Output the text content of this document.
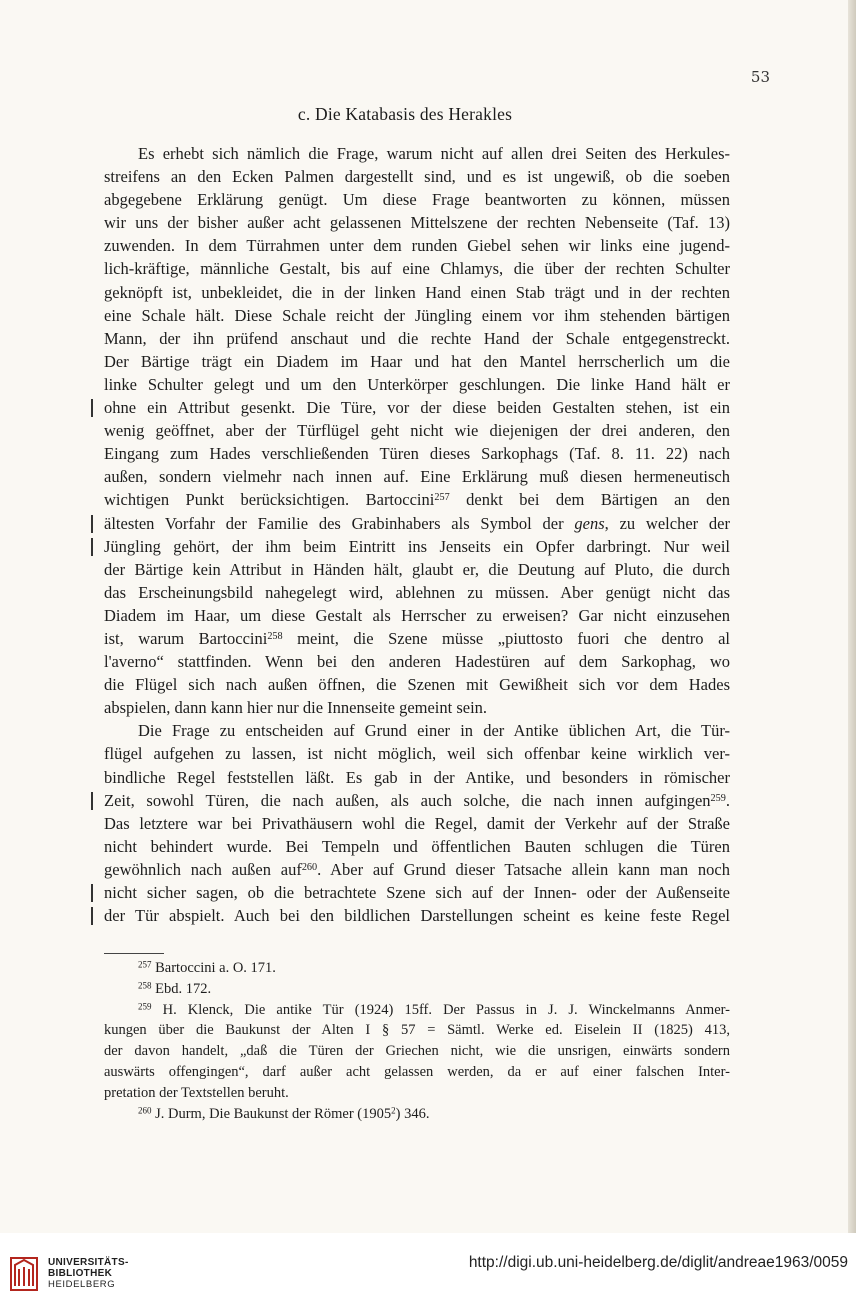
53
c. Die Katabasis des Herakles
Es erhebt sich nämlich die Frage, warum nicht auf allen drei Seiten des Herkules-
streifens an den Ecken Palmen dargestellt sind, und es ist ungewiß, ob die soeben
abgegebene Erklärung genügt. Um diese Frage beantworten zu können, müssen
wir uns der bisher außer acht gelassenen Mittelszene der rechten Nebenseite (Taf. 13)
zuwenden. In dem Türrahmen unter dem runden Giebel sehen wir links eine jugend-
lich-kräftige, männliche Gestalt, bis auf eine Chlamys, die über der rechten Schulter
geknöpft ist, unbekleidet, die in der linken Hand einen Stab trägt und in der rechten
eine Schale hält. Diese Schale reicht der Jüngling einem vor ihm stehenden bärtigen
Mann, der ihn prüfend anschaut und die rechte Hand der Schale entgegenstreckt.
Der Bärtige trägt ein Diadem im Haar und hat den Mantel herrscherlich um die
linke Schulter gelegt und um den Unterkörper geschlungen. Die linke Hand hält er
ohne ein Attribut gesenkt. Die Türe, vor der diese beiden Gestalten stehen, ist ein
wenig geöffnet, aber der Türflügel geht nicht wie diejenigen der drei anderen, den
Eingang zum Hades verschließenden Türen dieses Sarkophags (Taf. 8. 11. 22) nach
außen, sondern vielmehr nach innen auf. Eine Erklärung muß diesen hermeneutisch
wichtigen Punkt berücksichtigen. Bartoccini$^{257}$ denkt bei dem Bärtigen an den
ältesten Vorfahr der Familie des Grabinhabers als Symbol der gens, zu welcher der
Jüngling gehört, der ihm beim Eintritt ins Jenseits ein Opfer darbringt. Nur weil
der Bärtige kein Attribut in Händen hält, glaubt er, die Deutung auf Pluto, die durch
das Erscheinungsbild nahegelegt wird, ablehnen zu müssen. Aber genügt nicht das
Diadem im Haar, um diese Gestalt als Herrscher zu erweisen? Gar nicht einzusehen
ist, warum Bartoccini$^{258}$ meint, die Szene müsse „piuttosto fuori che dentro al
l'averno“ stattfinden. Wenn bei den anderen Hadestüren auf dem Sarkophag, wo
die Flügel sich nach außen öffnen, die Szenen mit Gewißheit sich vor dem Hades
abspielen, dann kann hier nur die Innenseite gemeint sein.
Die Frage zu entscheiden auf Grund einer in der Antike üblichen Art, die Tür-
flügel aufgehen zu lassen, ist nicht möglich, weil sich offenbar keine wirklich ver-
bindliche Regel feststellen läßt. Es gab in der Antike, und besonders in römischer
Zeit, sowohl Türen, die nach außen, als auch solche, die nach innen aufgingen$^{259}$.
Das letztere war bei Privathäusern wohl die Regel, damit der Verkehr auf der Straße
nicht behindert wurde. Bei Tempeln und öffentlichen Bauten schlugen die Türen
gewöhnlich nach außen auf$^{260}$. Aber auf Grund dieser Tatsache allein kann man noch
nicht sicher sagen, ob die betrachtete Szene sich auf der Innen- oder der Außenseite
der Tür abspielt. Auch bei den bildlichen Darstellungen scheint es keine feste Regel
$^{257}$ Bartoccini a. O. 171.
$^{258}$ Ebd. 172.
$^{259}$ H. Klenck, Die antike Tür (1924) 15ff. Der Passus in J. J. Winckelmanns Anmer-
kungen über die Baukunst der Alten I § 57 = Sämtl. Werke ed. Eiselein II (1825) 413,
der davon handelt, „daß die Türen der Griechen nicht, wie die unsrigen, einwärts sondern
auswärts offengingen“, darf außer acht gelassen werden, da er auf einer falschen Inter-
pretation der Textstellen beruht.
$^{260}$ J. Durm, Die Baukunst der Römer (1905$^2$) 346.
UNIVERSITÄTS-
BIBLIOTHEK
HEIDELBERG
http://digi.ub.uni-heidelberg.de/diglit/andreae1963/0059
